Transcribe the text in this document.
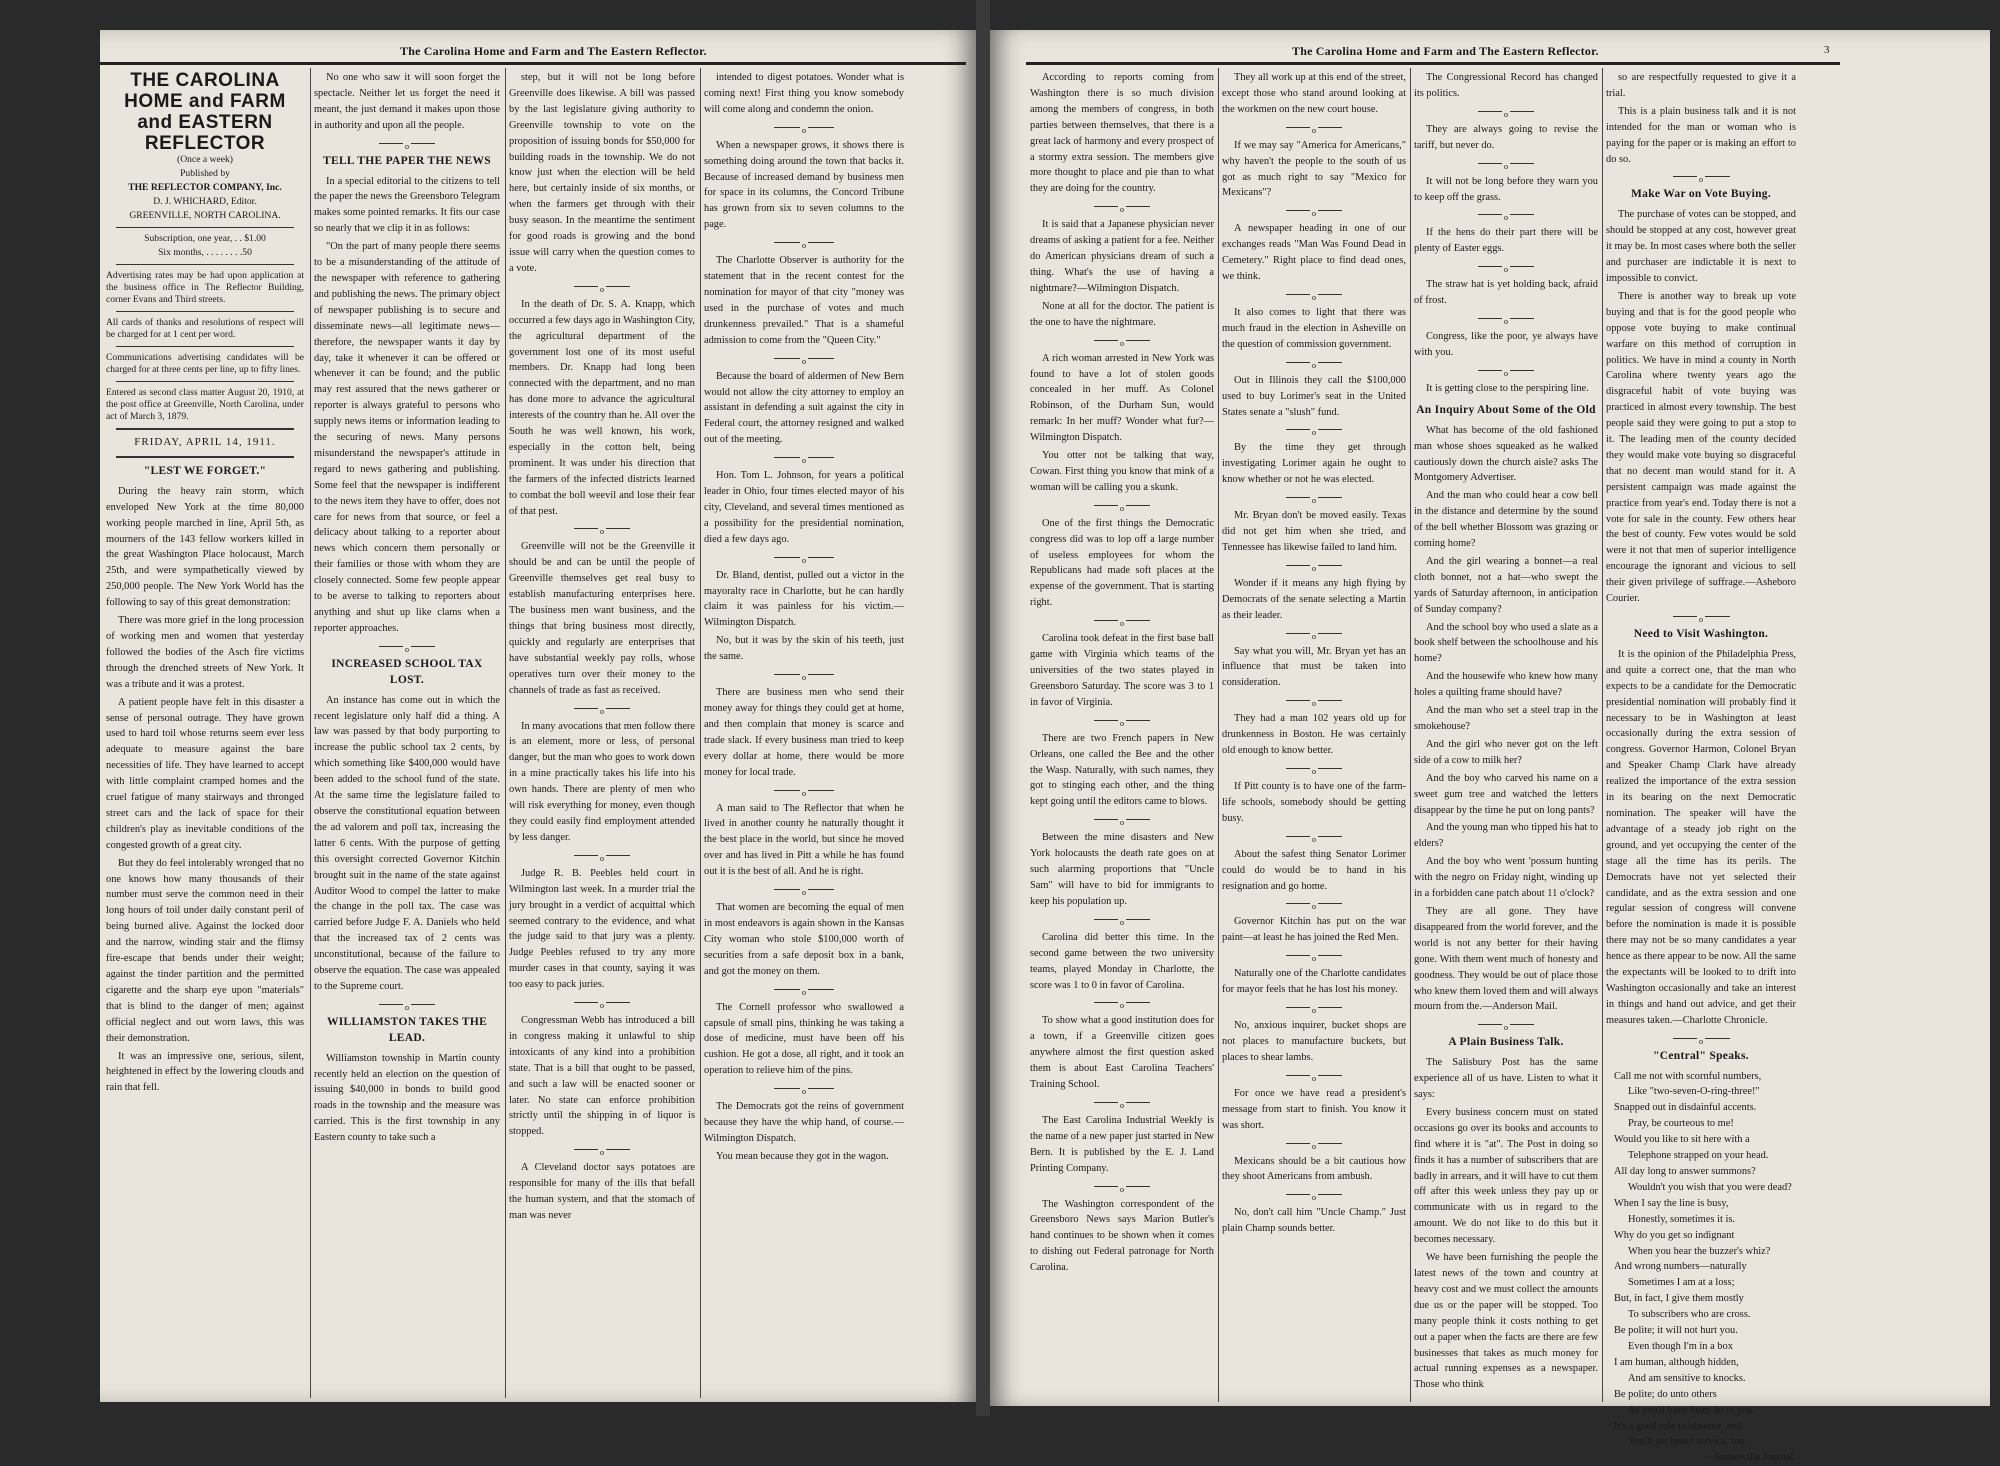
The Carolina Home and Farm and The Eastern Reflector.
THE CAROLINA HOME and FARM and EASTERN REFLECTOR

(Once a week)

Published by

THE REFLECTOR COMPANY, Inc.

D. J. WHICHARD, Editor.

GREENVILLE, NORTH CAROLINA.

Subscription, one year, . . $1.00

Six months, . . . . . . . .50

Advertising rates may be had upon application at the business office in The Reflector Building, corner Evans and Third streets.

All cards of thanks and resolutions of respect will be charged for at 1 cent per word.

Communications advertising candidates will be charged for at three cents per line, up to fifty lines.

Entered as second class matter August 20, 1910, at the post office at Greenville, North Carolina, under act of March 3, 1879.

FRIDAY, APRIL 14, 1911.

"LEST WE FORGET."

During the heavy rain storm, which enveloped New York at the time 80,000 working people marched in line, April 5th, as mourners of the 143 fellow workers killed in the great Washington Place holocaust, March 25th, and were sympathetically viewed by 250,000 people. The New York World has the following to say of this great demonstration:

There was more grief in the long procession of working men and women that yesterday followed the bodies of the Asch fire victims through the drenched streets of New York. It was a tribute and it was a protest.

A patient people have felt in this disaster a sense of personal outrage. They have grown used to hard toil whose returns seem ever less adequate to measure against the bare necessities of life. They have learned to accept with little complaint cramped homes and the cruel fatigue of many stairways and thronged street cars and the lack of space for their children's play as inevitable conditions of the congested growth of a great city.

But they do feel intolerably wronged that no one knows how many thousands of their number must serve the common need in their long hours of toil under daily constant peril of being burned alive. Against the locked door and the narrow, winding stair and the flimsy fire-escape that bends under their weight; against the tinder partition and the permitted cigarette and the sharp eye upon "materials" that is blind to the danger of men; against official neglect and out worn laws, this was their demonstration.

It was an impressive one, serious, silent, heightened in effect by the lowering clouds and rain that fell.

No one who saw it will soon forget the spectacle. Neither let us forget the need it meant, the just demand it makes upon those in authority and upon all the people.

o
TELL THE PAPER THE NEWS

In a special editorial to the citizens to tell the paper the news the Greensboro Telegram makes some pointed remarks. It fits our case so nearly that we clip it in as follows:

"On the part of many people there seems to be a misunderstanding of the attitude of the newspaper with reference to gathering and publishing the news. The primary object of newspaper publishing is to secure and disseminate news—all legitimate news—therefore, the newspaper wants it day by day, take it whenever it can be offered or whenever it can be found; and the public may rest assured that the news gatherer or reporter is always grateful to persons who supply news items or information leading to the securing of news. Many persons misunderstand the newspaper's attitude in regard to news gathering and publishing. Some feel that the newspaper is indifferent to the news item they have to offer, does not care for news from that source, or feel a delicacy about talking to a reporter about news which concern them personally or their families or those with whom they are closely connected. Some few people appear to be averse to talking to reporters about anything and shut up like clams when a reporter approaches.

o
INCREASED SCHOOL TAX LOST.

An instance has come out in which the recent legislature only half did a thing. A law was passed by that body purporting to increase the public school tax 2 cents, by which something like $400,000 would have been added to the school fund of the state. At the same time the legislature failed to observe the constitutional equation between the ad valorem and poll tax, increasing the latter 6 cents. With the purpose of getting this oversight corrected Governor Kitchin brought suit in the name of the state against Auditor Wood to compel the latter to make the change in the poll tax. The case was carried before Judge F. A. Daniels who held that the increased tax of 2 cents was unconstitutional, because of the failure to observe the equation. The case was appealed to the Supreme court.

o
WILLIAMSTON TAKES THE LEAD.

Williamston township in Martin county recently held an election on the question of issuing $40,000 in bonds to build good roads in the township and the measure was carried. This is the first township in any Eastern county to take such a

step, but it will not be long before Greenville does likewise. A bill was passed by the last legislature giving authority to Greenville township to vote on the proposition of issuing bonds for $50,000 for building roads in the township. We do not know just when the election will be held here, but certainly inside of six months, or when the farmers get through with their busy season. In the meantime the sentiment for good roads is growing and the bond issue will carry when the question comes to a vote.

o

In the death of Dr. S. A. Knapp, which occurred a few days ago in Washington City, the agricultural department of the government lost one of its most useful members. Dr. Knapp had long been connected with the department, and no man has done more to advance the agricultural interests of the country than he. All over the South he was well known, his work, especially in the cotton belt, being prominent. It was under his direction that the farmers of the infected districts learned to combat the boll weevil and lose their fear of that pest.

o

Greenville will not be the Greenville it should be and can be until the people of Greenville themselves get real busy to establish manufacturing enterprises here. The business men want business, and the things that bring business most directly, quickly and regularly are enterprises that have substantial weekly pay rolls, whose operatives turn over their money to the channels of trade as fast as received.

o

In many avocations that men follow there is an element, more or less, of personal danger, but the man who goes to work down in a mine practically takes his life into his own hands. There are plenty of men who will risk everything for money, even though they could easily find employment attended by less danger.

o

Judge R. B. Peebles held court in Wilmington last week. In a murder trial the jury brought in a verdict of acquittal which seemed contrary to the evidence, and what the judge said to that jury was a plenty. Judge Peebles refused to try any more murder cases in that county, saying it was too easy to pack juries.

o

Congressman Webb has introduced a bill in congress making it unlawful to ship intoxicants of any kind into a prohibition state. That is a bill that ought to be passed, and such a law will be enacted sooner or later. No state can enforce prohibition strictly until the shipping in of liquor is stopped.

o

A Cleveland doctor says potatoes are responsible for many of the ills that befall the human system, and that the stomach of man was never

intended to digest potatoes. Wonder what is coming next! First thing you know somebody will come along and condemn the onion.

o

When a newspaper grows, it shows there is something doing around the town that backs it. Because of increased demand by business men for space in its columns, the Concord Tribune has grown from six to seven columns to the page.

o

The Charlotte Observer is authority for the statement that in the recent contest for the nomination for mayor of that city "money was used in the purchase of votes and much drunkenness prevailed." That is a shameful admission to come from the "Queen City."

o

Because the board of aldermen of New Bern would not allow the city attorney to employ an assistant in defending a suit against the city in Federal court, the attorney resigned and walked out of the meeting.

o

Hon. Tom L. Johnson, for years a political leader in Ohio, four times elected mayor of his city, Cleveland, and several times mentioned as a possibility for the presidential nomination, died a few days ago.

o

Dr. Bland, dentist, pulled out a victor in the mayoralty race in Charlotte, but he can hardly claim it was painless for his victim.—Wilmington Dispatch.

No, but it was by the skin of his teeth, just the same.

o

There are business men who send their money away for things they could get at home, and then complain that money is scarce and trade slack. If every business man tried to keep every dollar at home, there would be more money for local trade.

o

A man said to The Reflector that when he lived in another county he naturally thought it the best place in the world, but since he moved over and has lived in Pitt a while he has found out it is the best of all. And he is right.

o

That women are becoming the equal of men in most endeavors is again shown in the Kansas City woman who stole $100,000 worth of securities from a safe deposit box in a bank, and got the money on them.

o

The Cornell professor who swallowed a capsule of small pins, thinking he was taking a dose of medicine, must have been off his cushion. He got a dose, all right, and it took an operation to relieve him of the pins.

o

The Democrats got the reins of government because they have the whip hand, of course.—Wilmington Dispatch.

You mean because they got in the wagon.

The Carolina Home and Farm and The Eastern Reflector.	3

According to reports coming from Washington there is so much division among the members of congress, in both parties between themselves, that there is a great lack of harmony and every prospect of a stormy extra session. The members give more thought to place and pie than to what they are doing for the country.

o

It is said that a Japanese physician never dreams of asking a patient for a fee. Neither do American physicians dream of such a thing. What's the use of having a nightmare?—Wilmington Dispatch.

None at all for the doctor. The patient is the one to have the nightmare.

o

A rich woman arrested in New York was found to have a lot of stolen goods concealed in her muff. As Colonel Robinson, of the Durham Sun, would remark: In her muff? Wonder what fur?—Wilmington Dispatch.

You otter not be talking that way, Cowan. First thing you know that mink of a woman will be calling you a skunk.

o

One of the first things the Democratic congress did was to lop off a large number of useless employees for whom the Republicans had made soft places at the expense of the government. That is starting right.

o

Carolina took defeat in the first base ball game with Virginia which teams of the universities of the two states played in Greensboro Saturday. The score was 3 to 1 in favor of Virginia.

o

There are two French papers in New Orleans, one called the Bee and the other the Wasp. Naturally, with such names, they got to stinging each other, and the thing kept going until the editors came to blows.

o

Between the mine disasters and New York holocausts the death rate goes on at such alarming proportions that "Uncle Sam" will have to bid for immigrants to keep his population up.

o

Carolina did better this time. In the second game between the two university teams, played Monday in Charlotte, the score was 1 to 0 in favor of Carolina.

o

To show what a good institution does for a town, if a Greenville citizen goes anywhere almost the first question asked them is about East Carolina Teachers' Training School.

o

The East Carolina Industrial Weekly is the name of a new paper just started in New Bern. It is published by the E. J. Land Printing Company.

o

The Washington correspondent of the Greensboro News says Marion Butler's hand continues to be shown when it comes to dishing out Federal patronage for North Carolina.

They all work up at this end of the street, except those who stand around looking at the workmen on the new court house.

o

If we may say "America for Americans," why haven't the people to the south of us got as much right to say "Mexico for Mexicans"?

o

A newspaper heading in one of our exchanges reads "Man Was Found Dead in Cemetery." Right place to find dead ones, we think.

o

It also comes to light that there was much fraud in the election in Asheville on the question of commission government.

o

Out in Illinois they call the $100,000 used to buy Lorimer's seat in the United States senate a "slush" fund.

o

By the time they get through investigating Lorimer again he ought to know whether or not he was elected.

o

Mr. Bryan don't be moved easily. Texas did not get him when she tried, and Tennessee has likewise failed to land him.

o

Wonder if it means any high flying by Democrats of the senate selecting a Martin as their leader.

o

Say what you will, Mr. Bryan yet has an influence that must be taken into consideration.

o

They had a man 102 years old up for drunkenness in Boston. He was certainly old enough to know better.

o

If Pitt county is to have one of the farm-life schools, somebody should be getting busy.

o

About the safest thing Senator Lorimer could do would be to hand in his resignation and go home.

o

Governor Kitchin has put on the war paint—at least he has joined the Red Men.

o

Naturally one of the Charlotte candidates for mayor feels that he has lost his money.

o

No, anxious inquirer, bucket shops are not places to manufacture buckets, but places to shear lambs.

o

For once we have read a president's message from start to finish. You know it was short.

o

Mexicans should be a bit cautious how they shoot Americans from ambush.

o

No, don't call him "Uncle Champ." Just plain Champ sounds better.

The Congressional Record has changed its politics.

o

They are always going to revise the tariff, but never do.

o

It will not be long before they warn you to keep off the grass.

o

If the hens do their part there will be plenty of Easter eggs.

o

The straw hat is yet holding back, afraid of frost.

o

Congress, like the poor, ye always have with you.

o

It is getting close to the perspiring line.

An Inquiry About Some of the Old

What has become of the old fashioned man whose shoes squeaked as he walked cautiously down the church aisle? asks The Montgomery Advertiser.

And the man who could hear a cow bell in the distance and determine by the sound of the bell whether Blossom was grazing or coming home?

And the girl wearing a bonnet—a real cloth bonnet, not a hat—who swept the yards of Saturday afternoon, in anticipation of Sunday company?

And the school boy who used a slate as a book shelf between the schoolhouse and his home?

And the housewife who knew how many holes a quilting frame should have?

And the man who set a steel trap in the smokehouse?

And the girl who never got on the left side of a cow to milk her?

And the boy who carved his name on a sweet gum tree and watched the letters disappear by the time he put on long pants?

And the young man who tipped his hat to elders?

And the boy who went 'possum hunting with the negro on Friday night, winding up in a forbidden cane patch about 11 o'clock?

They are all gone. They have disappeared from the world forever, and the world is not any better for their having gone. With them went much of honesty and goodness. They would be out of place those who knew them loved them and will always mourn from the.—Anderson Mail.

o
A Plain Business Talk.

The Salisbury Post has the same experience all of us have. Listen to what it says:

Every business concern must on stated occasions go over its books and accounts to find where it is "at". The Post in doing so finds it has a number of subscribers that are badly in arrears, and it will have to cut them off after this week unless they pay up or communicate with us in regard to the amount. We do not like to do this but it becomes necessary.

We have been furnishing the people the latest news of the town and country at heavy cost and we must collect the amounts due us or the paper will be stopped. Too many people think it costs nothing to get out a paper when the facts are there are few businesses that takes as much money for actual running expenses as a newspaper. Those who think

so are respectfully requested to give it a trial.

This is a plain business talk and it is not intended for the man or woman who is paying for the paper or is making an effort to do so.

o
Make War on Vote Buying.

The purchase of votes can be stopped, and should be stopped at any cost, however great it may be. In most cases where both the seller and purchaser are indictable it is next to impossible to convict.

There is another way to break up vote buying and that is for the good people who oppose vote buying to make continual warfare on this method of corruption in politics. We have in mind a county in North Carolina where twenty years ago the disgraceful habit of vote buying was practiced in almost every township. The best people said they were going to put a stop to it. The leading men of the county decided they would make vote buying so disgraceful that no decent man would stand for it. A persistent campaign was made against the practice from year's end. Today there is not a vote for sale in the county. Few others hear the best of county. Few votes would be sold were it not that men of superior intelligence encourage the ignorant and vicious to sell their given privilege of suffrage.—Asheboro Courier.

o
Need to Visit Washington.

It is the opinion of the Philadelphia Press, and quite a correct one, that the man who expects to be a candidate for the Democratic presidential nomination will probably find it necessary to be in Washington at least occasionally during the extra session of congress. Governor Harmon, Colonel Bryan and Speaker Champ Clark have already realized the importance of the extra session in its bearing on the next Democratic nomination. The speaker will have the advantage of a steady job right on the ground, and yet occupying the center of the stage all the time has its perils. The Democrats have not yet selected their candidate, and as the extra session and one regular session of congress will convene before the nomination is made it is possible there may not be so many candidates a year hence as there appear to be now. All the same the expectants will be looked to to drift into Washington occasionally and take an interest in things and hand out advice, and get their measures taken.—Charlotte Chronicle.

o
"Central" Speaks.

Call me not with scornful numbers,

Like "two-seven-O-ring-three!"

Snapped out in disdainful accents.

Pray, be courteous to me!

Would you like to sit here with a

Telephone strapped on your head.

All day long to answer summons?

Wouldn't you wish that you were dead?

When I say the line is busy,

Honestly, sometimes it is.

Why do you get so indignant

When you hear the buzzer's whiz?

And wrong numbers—naturally

Sometimes I am at a loss;

But, in fact, I give them mostly

To subscribers who are cross.

Be polite; it will not hurt you.

Even though I'm in a box

I am human, although hidden,

And am sensitive to knocks.

Be polite; do unto others

As you'd have them do to you.

It's a good rule to observe, and

You'll get better service, too.

—Somerville Journal.
